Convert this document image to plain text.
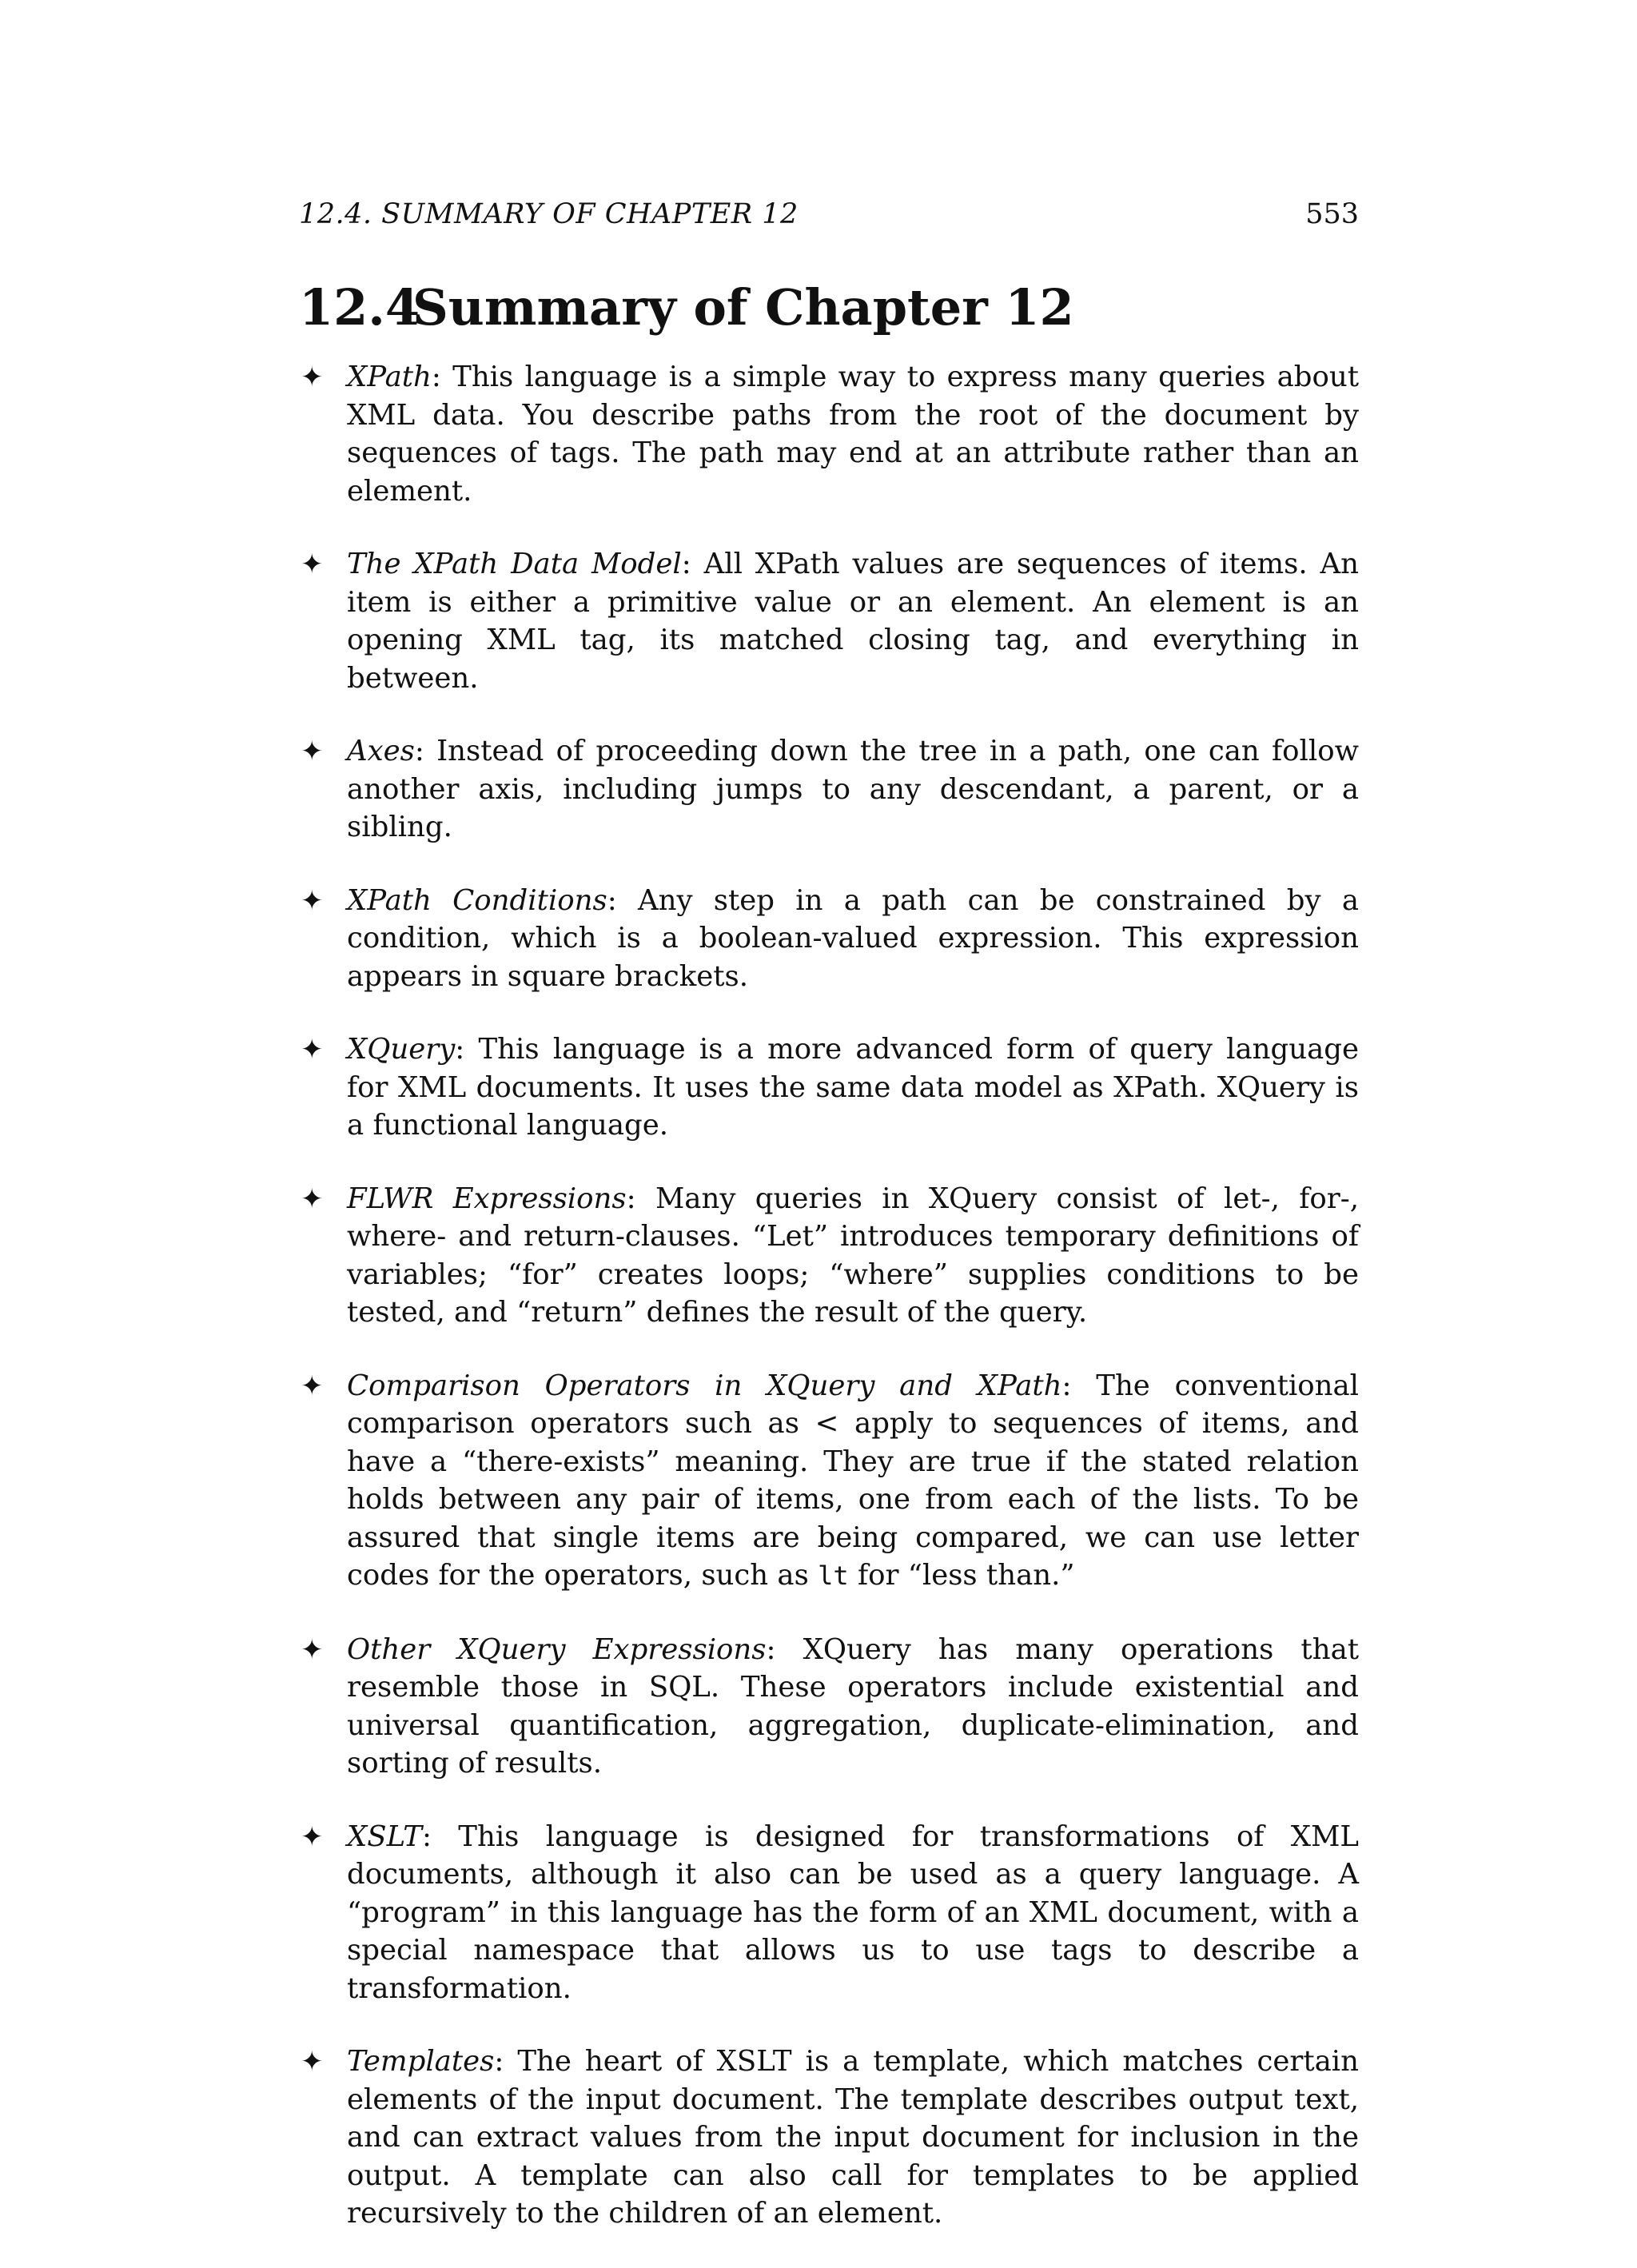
12.4. SUMMARY OF CHAPTER 12	553
12.4Summary of Chapter 12
✦ XPath: This language is a simple way to express many queries about XML data. You describe paths from the root of the document by sequences of tags. The path may end at an attribute rather than an element.
✦ The XPath Data Model: All XPath values are sequences of items. An item is either a primitive value or an element. An element is an opening XML tag, its matched closing tag, and everything in between.
✦ Axes: Instead of proceeding down the tree in a path, one can follow another axis, including jumps to any descendant, a parent, or a sibling.
✦ XPath Conditions: Any step in a path can be constrained by a condition, which is a boolean-valued expression. This expression appears in square brackets.
✦ XQuery: This language is a more advanced form of query language for XML documents. It uses the same data model as XPath. XQuery is a functional language.
✦ FLWR Expressions: Many queries in XQuery consist of let-, for-, where- and return-clauses. “Let” introduces temporary definitions of variables; “for” creates loops; “where” supplies conditions to be tested, and “return” defines the result of the query.
✦ Comparison Operators in XQuery and XPath: The conventional comparison operators such as < apply to sequences of items, and have a “there-exists” meaning. They are true if the stated relation holds between any pair of items, one from each of the lists. To be assured that single items are being compared, we can use letter codes for the operators, such as lt for “less than.”
✦ Other XQuery Expressions: XQuery has many operations that resemble those in SQL. These operators include existential and universal quantification, aggregation, duplicate-elimination, and sorting of results.
✦ XSLT: This language is designed for transformations of XML documents, although it also can be used as a query language. A “program” in this language has the form of an XML document, with a special namespace that allows us to use tags to describe a transformation.
✦ Templates: The heart of XSLT is a template, which matches certain elements of the input document. The template describes output text, and can extract values from the input document for inclusion in the output. A template can also call for templates to be applied recursively to the children of an element.
